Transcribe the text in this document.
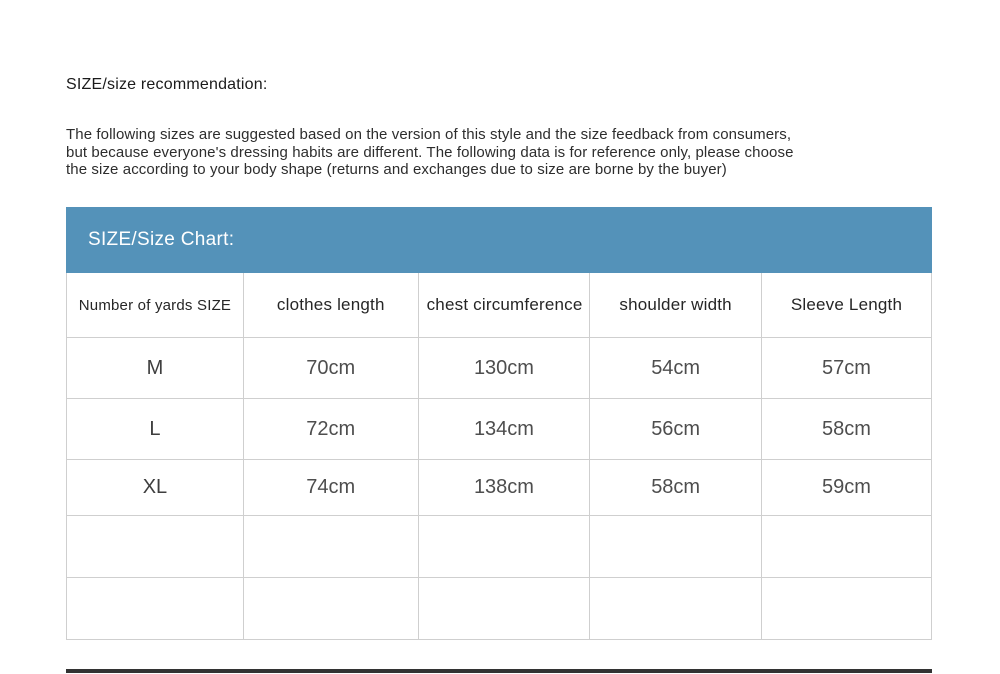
SIZE/size recommendation:
The following sizes are suggested based on the version of this style and the size feedback from consumers,
but because everyone's dressing habits are different. The following data is for reference only, please choose
the size according to your body shape (returns and exchanges due to size are borne by the buyer)
SIZE/Size Chart:
Number of yards SIZE	clothes length	chest circumference	shoulder width	Sleeve Length
M	70cm	130cm	54cm	57cm
L	72cm	134cm	56cm	58cm
XL	74cm	138cm	58cm	59cm
